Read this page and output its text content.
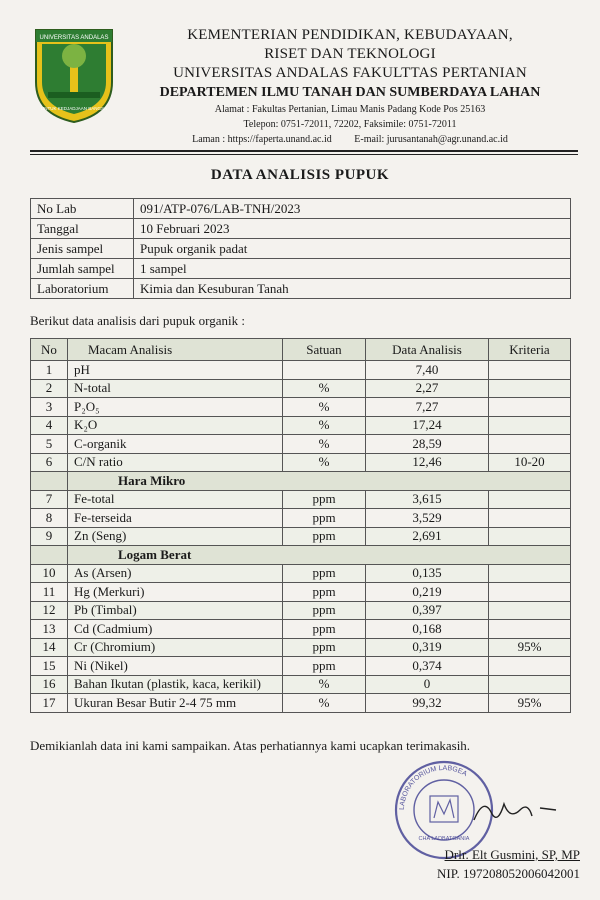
UNIVERSITAS ANDALAS
UNTUK KEDJADJAAN BANGSA
KEMENTERIAN PENDIDIKAN, KEBUDAYAAN,
RISET DAN TEKNOLOGI
UNIVERSITAS ANDALAS FAKULTTAS PERTANIAN
DEPARTEMEN ILMU TANAH DAN SUMBERDAYA LAHAN
Alamat : Fakultas Pertanian, Limau Manis Padang Kode Pos 25163
Telepon: 0751-72011, 72202, Faksimile: 0751-72011
Laman : https://faperta.unand.ac.id E-mail: jurusantanah@agr.unand.ac.id
DATA ANALISIS PUPUK
No Lab	091/ATP-076/LAB-TNH/2023
Tanggal	10 Februari 2023
Jenis sampel	Pupuk organik padat
Jumlah sampel	1 sampel
Laboratorium	Kimia dan Kesuburan Tanah
Berikut data analisis dari pupuk organik :
No	Macam Analisis	Satuan	Data Analisis	Kriteria
1	pH		7,40	
2	N-total	%	2,27	
3	P₂O₅	%	7,27	
4	K₂O	%	17,24	
5	C-organik	%	28,59	
6	C/N ratio	%	12,46	10-20
	Hara Mikro			
7	Fe-total	ppm	3,615	
8	Fe-terseida	ppm	3,529	
9	Zn (Seng)	ppm	2,691	
	Logam Berat			
10	As (Arsen)	ppm	0,135	
11	Hg (Merkuri)	ppm	0,219	
12	Pb (Timbal)	ppm	0,397	
13	Cd (Cadmium)	ppm	0,168	
14	Cr (Chromium)	ppm	0,319	95%
15	Ni (Nikel)	ppm	0,374	
16	Bahan Ikutan (plastik, kaca, kerikil)	%	0	
17	Ukuran Besar Butir 2-4 75 mm	%	99,32	95%
Demikianlah data ini kami sampaikan. Atas perhatiannya kami ucapkan terimakasih.
LABORATORIUM LABGEA
CHA LADBATGANIA
Drlr. Elt Gusmini, SP, MP
NIP. 197208052006042001
